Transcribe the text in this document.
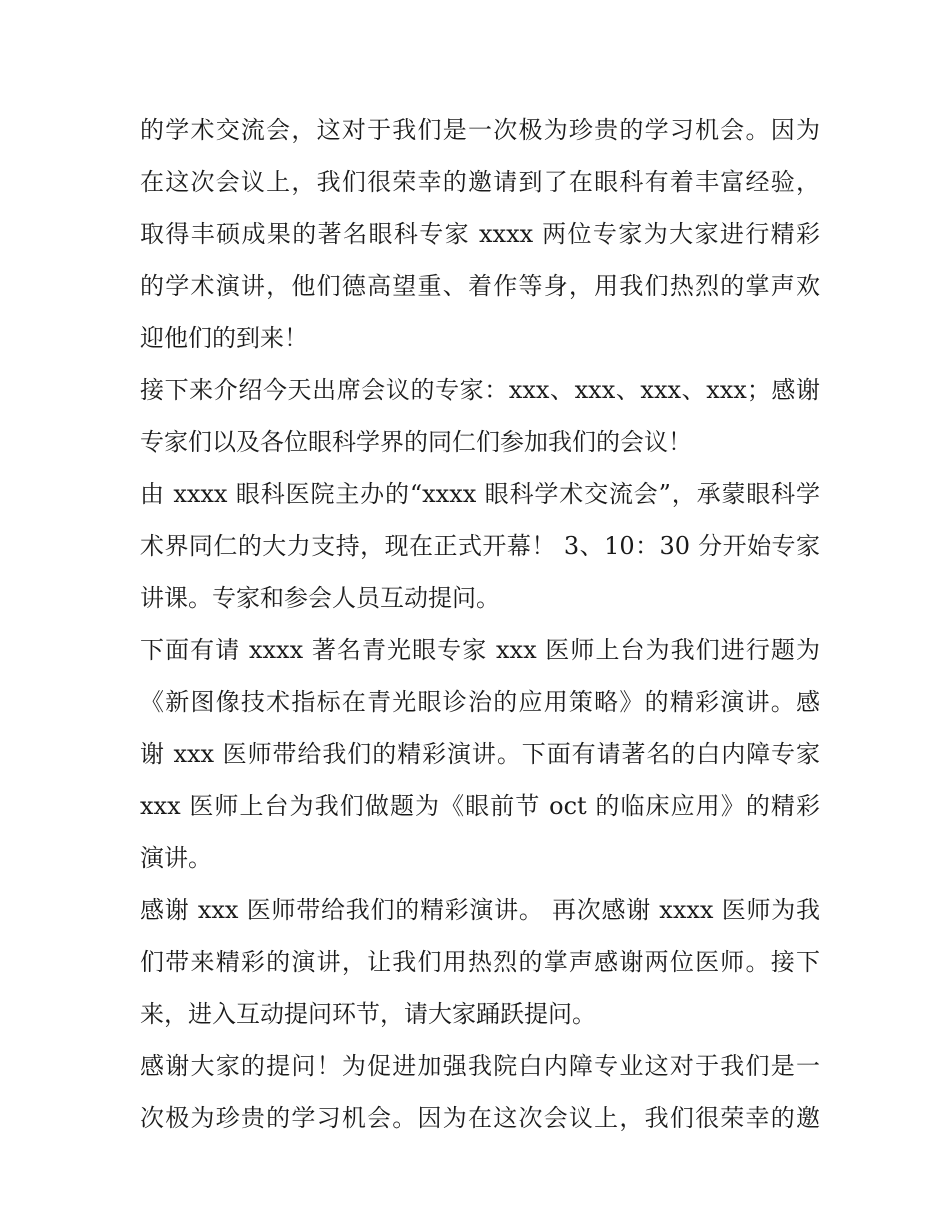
的学术交流会，这对于我们是一次极为珍贵的学习机会。因为
在这次会议上，我们很荣幸的邀请到了在眼科有着丰富经验，
取得丰硕成果的著名眼科专家 xxxx 两位专家为大家进行精彩
的学术演讲，他们德高望重、着作等身，用我们热烈的掌声欢
迎他们的到来！
接下来介绍今天出席会议的专家：xxx、xxx、xxx、xxx；感谢
专家们以及各位眼科学界的同仁们参加我们的会议！
由 xxxx 眼科医院主办的“xxxx 眼科学术交流会”，承蒙眼科学
术界同仁的大力支持，现在正式开幕！ 3、10：30 分开始专家
讲课。专家和参会人员互动提问。
下面有请 xxxx 著名青光眼专家 xxx 医师上台为我们进行题为
《新图像技术指标在青光眼诊治的应用策略》的精彩演讲。感
谢 xxx 医师带给我们的精彩演讲。下面有请著名的白内障专家
xxx 医师上台为我们做题为《眼前节 oct 的临床应用》的精彩
演讲。
感谢 xxx 医师带给我们的精彩演讲。 再次感谢 xxxx 医师为我
们带来精彩的演讲，让我们用热烈的掌声感谢两位医师。接下
来，进入互动提问环节，请大家踊跃提问。
感谢大家的提问！为促进加强我院白内障专业这对于我们是一
次极为珍贵的学习机会。因为在这次会议上，我们很荣幸的邀
